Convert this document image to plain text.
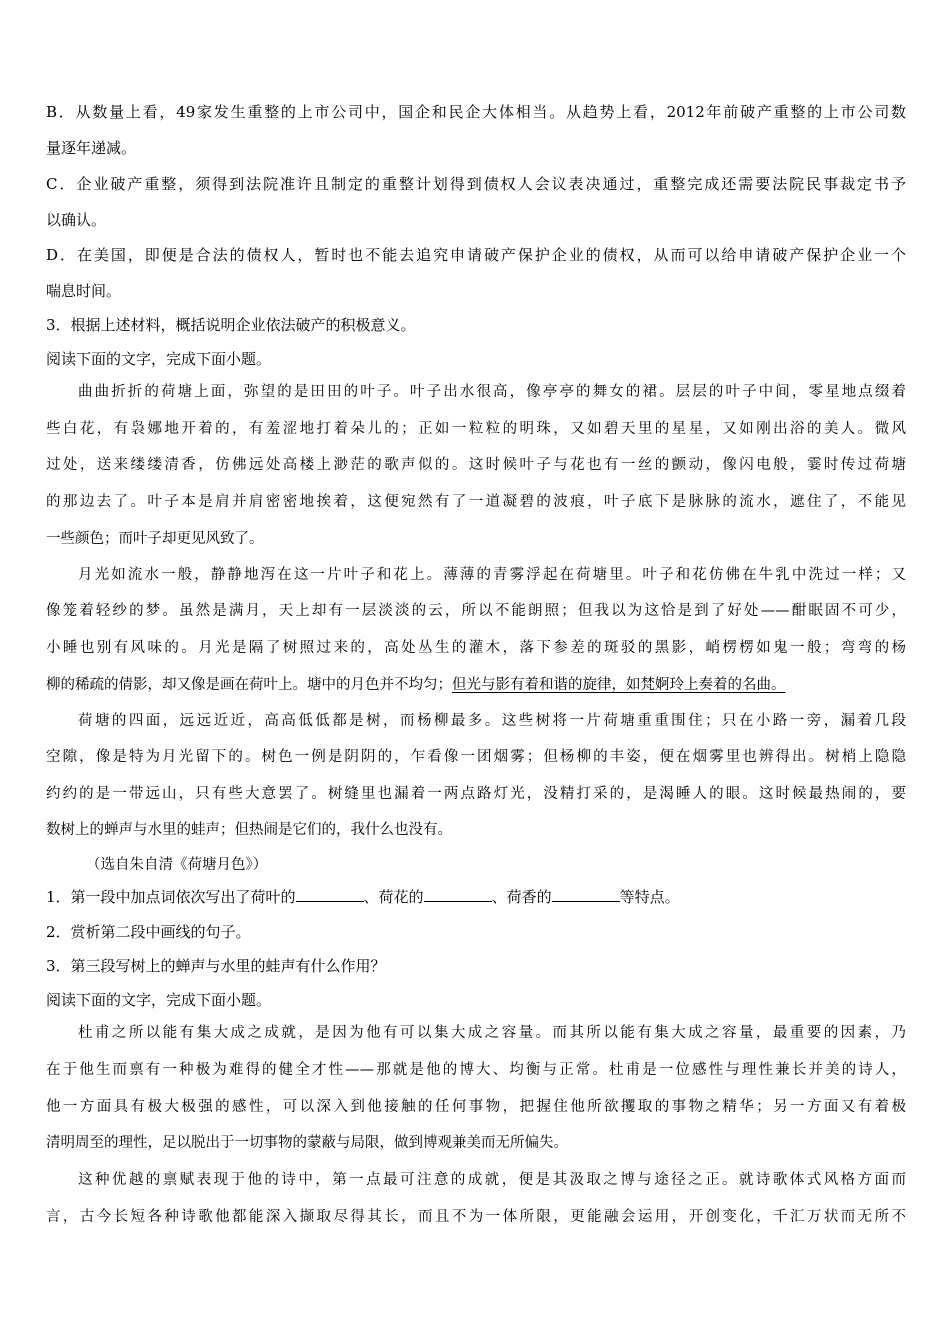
B．从数量上看，49家发生重整的上市公司中，国企和民企大体相当。从趋势上看，2012年前破产重整的上市公司数
量逐年递减。
C．企业破产重整，须得到法院准许且制定的重整计划得到债权人会议表决通过，重整完成还需要法院民事裁定书予
以确认。
D．在美国，即便是合法的债权人，暂时也不能去追究申请破产保护企业的债权，从而可以给申请破产保护企业一个
喘息时间。
3．根据上述材料，概括说明企业依法破产的积极意义。
阅读下面的文字，完成下面小题。
曲曲折折的荷塘上面，弥望的是田田的叶子。叶子出水很高，像亭亭的舞女的裙。层层的叶子中间，零星地点缀着
些白花，有袅娜地开着的，有羞涩地打着朵儿的；正如一粒粒的明珠，又如碧天里的星星，又如刚出浴的美人。微风
过处，送来缕缕清香，仿佛远处高楼上渺茫的歌声似的。这时候叶子与花也有一丝的颤动，像闪电般，霎时传过荷塘
的那边去了。叶子本是肩并肩密密地挨着，这便宛然有了一道凝碧的波痕，叶子底下是脉脉的流水，遮住了，不能见
一些颜色；而叶子却更见风致了。
月光如流水一般，静静地泻在这一片叶子和花上。薄薄的青雾浮起在荷塘里。叶子和花仿佛在牛乳中洗过一样；又
像笼着轻纱的梦。虽然是满月，天上却有一层淡淡的云，所以不能朗照；但我以为这恰是到了好处——酣眠固不可少，
小睡也别有风味的。月光是隔了树照过来的，高处丛生的灌木，落下参差的斑驳的黑影，峭楞楞如鬼一般；弯弯的杨
柳的稀疏的倩影，却又像是画在荷叶上。塘中的月色并不均匀；但光与影有着和谐的旋律，如梵婀玲上奏着的名曲。
荷塘的四面，远远近近，高高低低都是树，而杨柳最多。这些树将一片荷塘重重围住；只在小路一旁，漏着几段
空隙，像是特为月光留下的。树色一例是阴阴的，乍看像一团烟雾；但杨柳的丰姿，便在烟雾里也辨得出。树梢上隐隐
约约的是一带远山，只有些大意罢了。树缝里也漏着一两点路灯光，没精打采的，是渴睡人的眼。这时候最热闹的，要
数树上的蝉声与水里的蛙声；但热闹是它们的，我什么也没有。
（选自朱自清《荷塘月色》）
1．第一段中加点词依次写出了荷叶的	、荷花的	、荷香的	等特点。
2．赏析第二段中画线的句子。
3．第三段写树上的蝉声与水里的蛙声有什么作用？
阅读下面的文字，完成下面小题。
杜甫之所以能有集大成之成就，是因为他有可以集大成之容量。而其所以能有集大成之容量，最重要的因素，乃
在于他生而禀有一种极为难得的健全才性——那就是他的博大、均衡与正常。杜甫是一位感性与理性兼长并美的诗人，
他一方面具有极大极强的感性，可以深入到他接触的任何事物，把握住他所欲攫取的事物之精华；另一方面又有着极
清明周至的理性，足以脱出于一切事物的蒙蔽与局限，做到博观兼美而无所偏失。
这种优越的禀赋表现于他的诗中，第一点最可注意的成就，便是其汲取之博与途径之正。就诗歌体式风格方面而
言，古今长短各种诗歌他都能深入撷取尽得其长，而且不为一体所限，更能融会运用，开创变化，千汇万状而无所不
